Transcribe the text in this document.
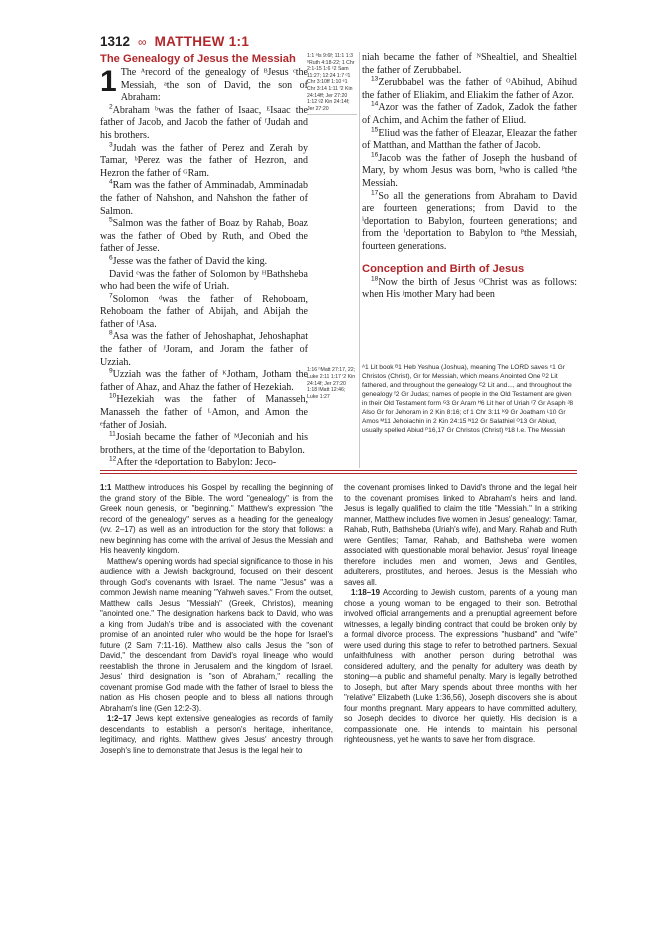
1312 ∞ MATTHEW 1:1
The Genealogy of Jesus the Messiah

1 The ᴬrecord of the genealogy of ᴮJesus ᶜthe Messiah, ᵃthe son of David, the son of Abraham:

$^2$Abraham ᵇwas the father of Isaac, ᴱIsaac the father of Jacob, and Jacob the father of ᶠJudah and his brothers.

$^3$Judah was the father of Perez and Zerah by Tamar, ᵇPerez was the father of Hezron, and Hezron the father of ᴳRam.

$^4$Ram was the father of Amminadab, Amminadab the father of Nahshon, and Nahshon the father of Salmon.

$^5$Salmon was the father of Boaz by Rahab, Boaz was the father of Obed by Ruth, and Obed the father of Jesse.

$^6$Jesse was the father of David the king.

David ᶜwas the father of Solomon by ᴴBathsheba who had been the wife of Uriah.

$^7$Solomon ᵈwas the father of Rehoboam, Rehoboam the father of Abijah, and Abijah the father of ᴵAsa.

$^8$Asa was the father of Jehoshaphat, Jehoshaphat the father of ᴶJoram, and Joram the father of Uzziah.

$^9$Uzziah was the father of ᴷJotham, Jotham the father of Ahaz, and Ahaz the father of Hezekiah.

$^{10}$Hezekiah was the father of Manasseh, Manasseh the father of ᴸAmon, and Amon the ᵉfather of Josiah.

$^{11}$Josiah became the father of ᴹJeconiah and his brothers, at the time of the ᶠdeportation to Babylon.

$^{12}$After the ᵍdeportation to Babylon: Jeco-

1:1 ᵃIs 9:6f; 11:1 1:3 ᵇRuth 4:18-22; 1 Chr 2:1-15 1:6 ᶜ2 Sam 11:27; 12:24 1:7 ᵈ1 Chr 3:10ff 1:10 ᵉ1 Chr 3:14 1:11 ᶠ2 Kin 24:14ff; Jer 27:20 1:12 ᵍ2 Kin 24:14f; Jer 27:20

1:16 ʰMatt 27:17, 22; Luke 2:11 1:17 ⁱ2 Kin 24:14f; Jer 27:20 1:18 ʲMatt 12:46; Luke 1:27

niah became the father of ᴺShealtiel, and Shealtiel the father of Zerubbabel.

$^{13}$Zerubbabel was the father of ᴼAbihud, Abihud the father of Eliakim, and Eliakim the father of Azor.

$^{14}$Azor was the father of Zadok, Zadok the father of Achim, and Achim the father of Eliud.

$^{15}$Eliud was the father of Eleazar, Eleazar the father of Matthan, and Matthan the father of Jacob.

$^{16}$Jacob was the father of Joseph the husband of Mary, by whom Jesus was born, ʰwho is called ᴾthe Messiah.

$^{17}$So all the generations from Abraham to David are fourteen generations; from David to the ⁱdeportation to Babylon, fourteen generations; and from the ⁱdeportation to Babylon to ᴾthe Messiah, fourteen generations.

Conception and Birth of Jesus

$^{18}$Now the birth of Jesus ᴼChrist was as follows: when His ʲmother Mary had been

ᴬ1 Lit book ᴮ1 Heb Yeshua (Joshua), meaning The LORD saves ᶜ1 Gr Christos (Christ), Gr for Messiah, which means Anointed One ᴰ2 Lit fathered, and throughout the genealogy ᴱ2 Lit and..., and throughout the genealogy ᶠ2 Gr Judas; names of people in the Old Testament are given in their Old Testament form ᴳ3 Gr Aram ᴴ6 Lit her of Uriah ᴵ7 Gr Asaph ᴶ8 Also Gr for Jehoram in 2 Kin 8:16; cf 1 Chr 3:11 ᴷ9 Gr Joatham ᴸ10 Gr Amos ᴹ11 Jehoiachin in 2 Kin 24:15 ᴺ12 Gr Salathiel ᴼ13 Gr Abiud, usually spelled Abiud ᴾ16,17 Gr Christos (Christ) ᴽ18 I.e. The Messiah

1:1 Matthew introduces his Gospel by recalling the beginning of the grand story of the Bible. The word "genealogy" is from the Greek noun genesis, or "beginning." Matthew's expression "the record of the genealogy" serves as a heading for the genealogy (vv. 2–17) as well as an introduction for the story that follows: a new beginning has come with the arrival of Jesus the Messiah and His heavenly kingdom.

Matthew's opening words had special significance to those in his audience with a Jewish background, focused on their descent through God's covenants with Israel. The name "Jesus" was a common Jewish name meaning "Yahweh saves." From the outset, Matthew calls Jesus "Messiah" (Greek, Christos), meaning "anointed one." The designation harkens back to David, who was a king from Judah's tribe and is associated with the covenant promise of an anointed ruler who would be the hope for Israel's future (2 Sam 7:11-16). Matthew also calls Jesus the "son of David," the descendant from David's royal lineage who would reestablish the throne in Jerusalem and the kingdom of Israel. Jesus' third designation is "son of Abraham," recalling the covenant promise God made with the father of Israel to bless the nation as His chosen people and to bless all nations through Abraham's line (Gen 12:2-3).

1:2–17 Jews kept extensive genealogies as records of family descendants to establish a person's heritage, inheritance, legitimacy, and rights. Matthew gives Jesus' ancestry through Joseph's line to demonstrate that Jesus is the legal heir to

the covenant promises linked to David's throne and the legal heir to the covenant promises linked to Abraham's heirs and land. Jesus is legally qualified to claim the title "Messiah." In a striking manner, Matthew includes five women in Jesus' genealogy: Tamar, Rahab, Ruth, Bathsheba (Uriah's wife), and Mary. Rahab and Ruth were Gentiles; Tamar, Rahab, and Bathsheba were women associated with questionable moral behavior. Jesus' royal lineage therefore includes men and women, Jews and Gentiles, adulterers, prostitutes, and heroes. Jesus is the Messiah who saves all.

1:18–19 According to Jewish custom, parents of a young man chose a young woman to be engaged to their son. Betrothal involved official arrangements and a prenuptial agreement before witnesses, a legally binding contract that could be broken only by a formal divorce process. The expressions "husband" and "wife" were used during this stage to refer to betrothed partners. Sexual unfaithfulness with another person during betrothal was considered adultery, and the penalty for adultery was death by stoning—a public and shameful penalty. Mary is legally betrothed to Joseph, but after Mary spends about three months with her "relative" Elizabeth (Luke 1:36,56), Joseph discovers she is about four months pregnant. Mary appears to have committed adultery, so Joseph decides to divorce her quietly. His decision is a compassionate one. He intends to maintain his personal righteousness, yet he wants to save her from disgrace.
